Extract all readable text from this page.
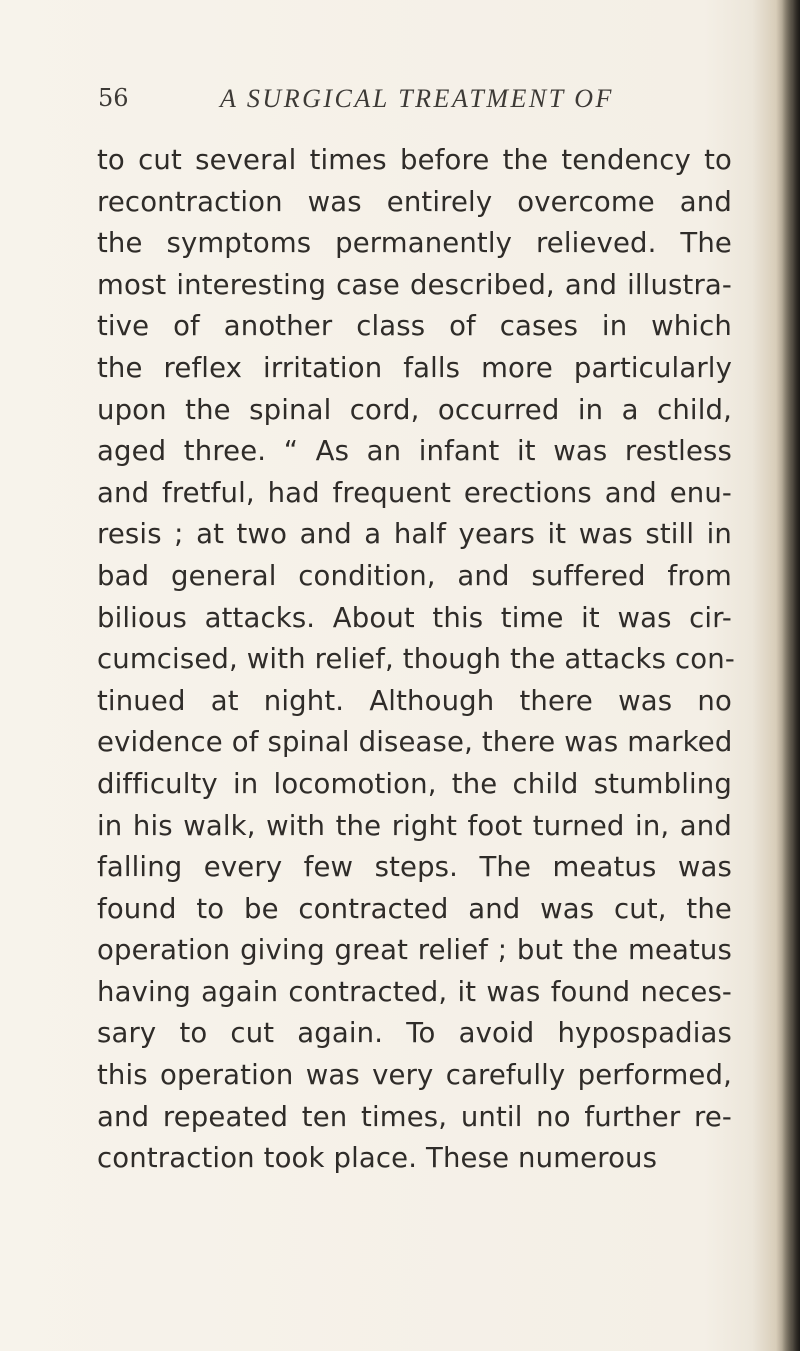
56	A SURGICAL TREATMENT OF
to cut several times before the tendency to
recontraction was entirely overcome and
the symptoms permanently relieved. The
most interesting case described, and illustra-
tive of another class of cases in which
the reflex irritation falls more particularly
upon the spinal cord, occurred in a child,
aged three. “ As an infant it was restless
and fretful, had frequent erections and enu-
resis ; at two and a half years it was still in
bad general condition, and suffered from
bilious attacks. About this time it was cir-
cumcised, with relief, though the attacks con-
tinued at night. Although there was no
evidence of spinal disease, there was marked
difficulty in locomotion, the child stumbling
in his walk, with the right foot turned in, and
falling every few steps. The meatus was
found to be contracted and was cut, the
operation giving great relief ; but the meatus
having again contracted, it was found neces-
sary to cut again. To avoid hypospadias
this operation was very carefully performed,
and repeated ten times, until no further re-
contraction took place. These numerous
